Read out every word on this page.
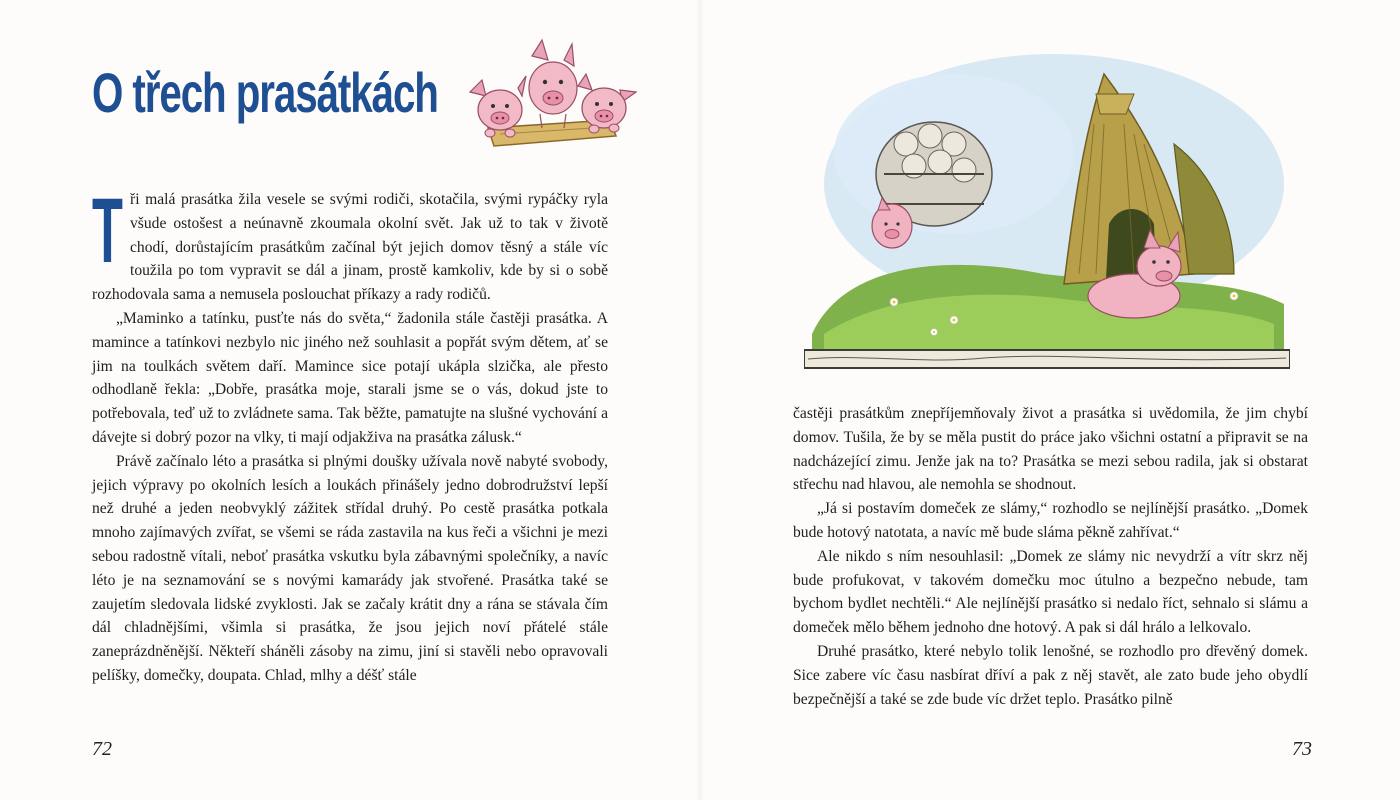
O třech prasátkách

Tři malá prasátka žila vesele se svými rodiči, skotačila, svými rypáčky ryla všude ostošest a neúnavně zkoumala okolní svět. Jak už to tak v životě chodí, dorůstajícím prasátkům začínal být jejich domov těsný a stále víc toužila po tom vypravit se dál a jinam, prostě kamkoliv, kde by si o sobě rozhodovala sama a nemusela poslouchat příkazy a rady rodičů.

„Maminko a tatínku, pusťte nás do světa,“ žadonila stále častěji prasátka. A mamince a tatínkovi nezbylo nic jiného než souhlasit a popřát svým dětem, ať se jim na toulkách světem daří. Mamince sice potají ukápla slzička, ale přesto odhodlaně řekla: „Dobře, prasátka moje, starali jsme se o vás, dokud jste to potřebovala, teď už to zvládnete sama. Tak běžte, pamatujte na slušné vychování a dávejte si dobrý pozor na vlky, ti mají odjakživa na prasátka zálusk.“

Právě začínalo léto a prasátka si plnými doušky užívala nově nabyté svobody, jejich výpravy po okolních lesích a loukách přinášely jedno dobrodružství lepší než druhé a jeden neobvyklý zážitek střídal druhý. Po cestě prasátka potkala mnoho zajímavých zvířat, se všemi se ráda zastavila na kus řeči a všichni je mezi sebou radostně vítali, neboť prasátka vskutku byla zábavnými společníky, a navíc léto je na seznamování se s novými kamarády jak stvořené. Prasátka také se zaujetím sledovala lidské zvyklosti. Jak se začaly krátit dny a rána se stávala čím dál chladnějšími, všimla si prasátka, že jsou jejich noví přátelé stále zaneprázdněnější. Někteří sháněli zásoby na zimu, jiní si stavěli nebo opravovali pelíšky, domečky, doupata. Chlad, mlhy a déšť stále

72

častěji prasátkům znepříjemňovaly život a prasátka si uvědomila, že jim chybí domov. Tušila, že by se měla pustit do práce jako všichni ostatní a připravit se na nadcházející zimu. Jenže jak na to? Prasátka se mezi sebou radila, jak si obstarat střechu nad hlavou, ale nemohla se shodnout.

„Já si postavím domeček ze slámy,“ rozhodlo se nejlínější prasátko. „Domek bude hotový natotata, a navíc mě bude sláma pěkně zahřívat.“

Ale nikdo s ním nesouhlasil: „Domek ze slámy nic nevydrží a vítr skrz něj bude profukovat, v takovém domečku moc útulno a bezpečno nebude, tam bychom bydlet nechtěli.“ Ale nejlínější prasátko si nedalo říct, sehnalo si slámu a domeček mělo během jednoho dne hotový. A pak si dál hrálo a lelkovalo.

Druhé prasátko, které nebylo tolik lenošné, se rozhodlo pro dřevěný domek. Sice zabere víc času nasbírat dříví a pak z něj stavět, ale zato bude jeho obydlí bezpečnější a také se zde bude víc držet teplo. Prasátko pilně

73
